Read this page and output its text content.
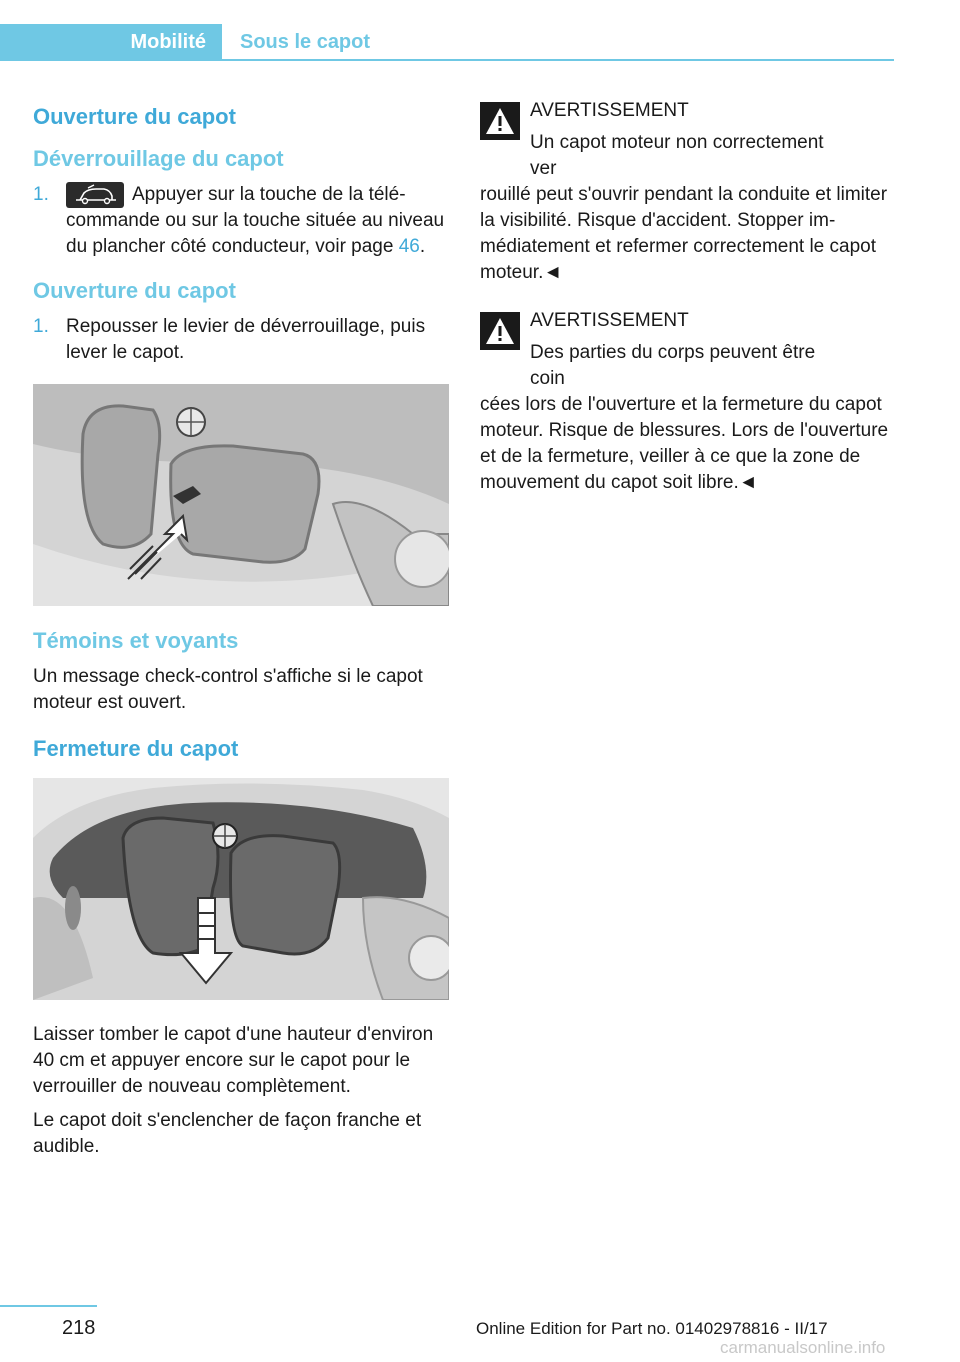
Mobilité Sous le capot
Ouverture du capot
Déverrouillage du capot
1.	Appuyer sur la touche de la télécommande ou sur la touche située au niveau du plancher côté conducteur, voir page 46.
Ouverture du capot
1. Repousser le levier de déverrouillage, puis lever le capot.
Témoins et voyants

Un message check-control s'affiche si le capot moteur est ouvert.

Fermeture du capot

Laisser tomber le capot d'une hauteur d'environ 40 cm et appuyer encore sur le capot pour le verrouiller de nouveau complètement.

Le capot doit s'enclencher de façon franche et audible.

AVERTISSEMENT
Un capot moteur non correctement ver

rouillé peut s'ouvrir pendant la conduite et limiter la visibilité. Risque d'accident. Stopper immédiatement et refermer correctement le capot moteur.◄

AVERTISSEMENT
Des parties du corps peuvent être coin

cées lors de l'ouverture et la fermeture du capot moteur. Risque de blessures. Lors de l'ouverture et de la fermeture, veiller à ce que la zone de mouvement du capot soit libre.◄

218	Online Edition for Part no. 01402978816 - II/17
carmanualsonline.info
